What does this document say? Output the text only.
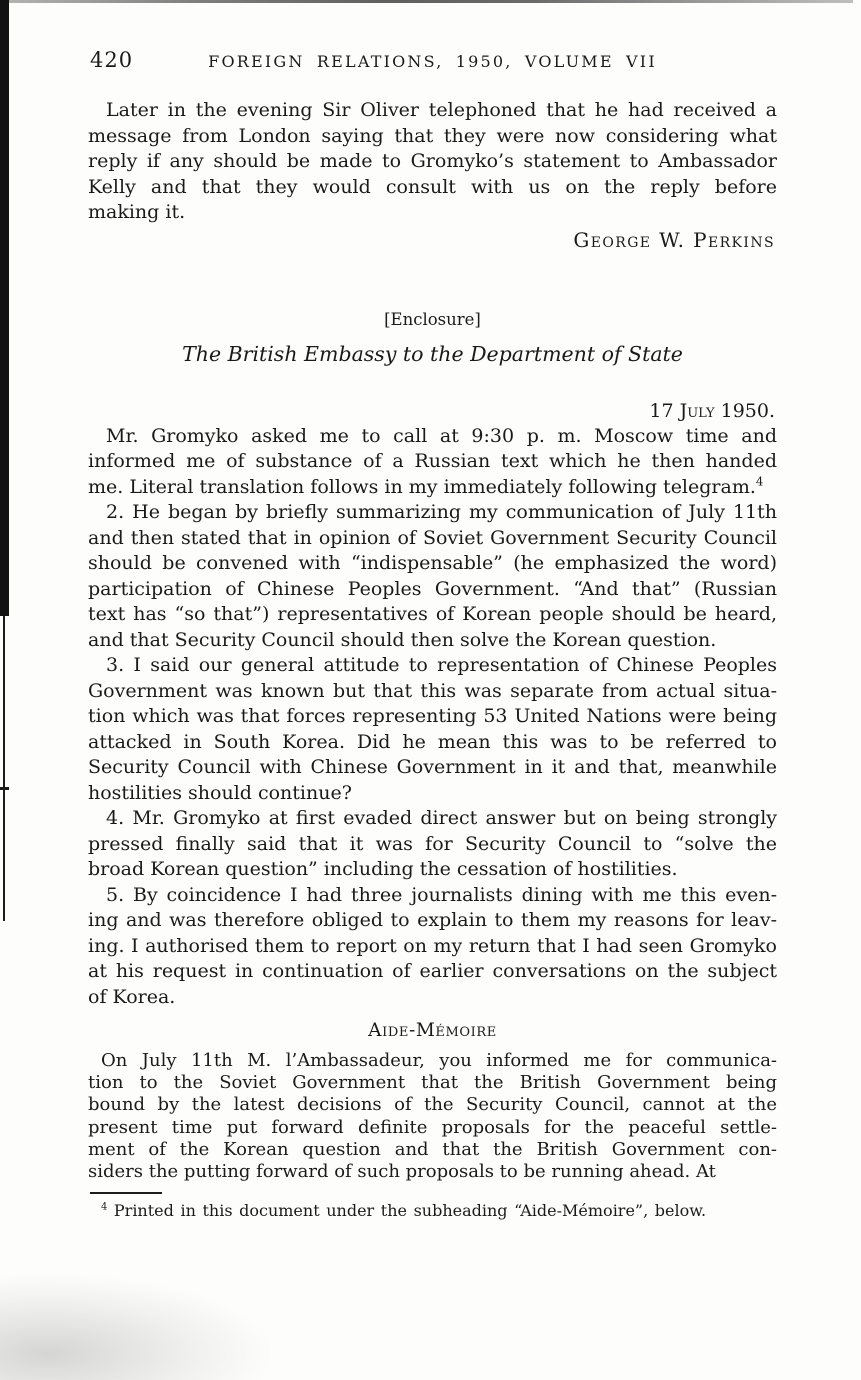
420	FOREIGN RELATIONS, 1950, VOLUME VII
Later in the evening Sir Oliver telephoned that he had received a
message from London saying that they were now considering what
reply if any should be made to Gromyko’s statement to Ambassador
Kelly and that they would consult with us on the reply before
making it.
George W. Perkins
[Enclosure]
The British Embassy to the Department of State
17 July 1950.
Mr. Gromyko asked me to call at 9:30 p. m. Moscow time and
informed me of substance of a Russian text which he then handed
me. Literal translation follows in my immediately following telegram.$^4$
2. He began by briefly summarizing my communication of July 11th
and then stated that in opinion of Soviet Government Security Council
should be convened with “indispensable” (he emphasized the word)
participation of Chinese Peoples Government. “And that” (Russian
text has “so that”) representatives of Korean people should be heard,
and that Security Council should then solve the Korean question.
3. I said our general attitude to representation of Chinese Peoples
Government was known but that this was separate from actual situa-
tion which was that forces representing 53 United Nations were being
attacked in South Korea. Did he mean this was to be referred to
Security Council with Chinese Government in it and that, meanwhile
hostilities should continue?
4. Mr. Gromyko at first evaded direct answer but on being strongly
pressed finally said that it was for Security Council to “solve the
broad Korean question” including the cessation of hostilities.
5. By coincidence I had three journalists dining with me this even-
ing and was therefore obliged to explain to them my reasons for leav-
ing. I authorised them to report on my return that I had seen Gromyko
at his request in continuation of earlier conversations on the subject
of Korea.
Aide-Mémoire
On July 11th M. l’Ambassadeur, you informed me for communica-
tion to the Soviet Government that the British Government being
bound by the latest decisions of the Security Council, cannot at the
present time put forward definite proposals for the peaceful settle-
ment of the Korean question and that the British Government con-
siders the putting forward of such proposals to be running ahead. At
$^4$ Printed in this document under the subheading “Aide-Mémoire”, below.
